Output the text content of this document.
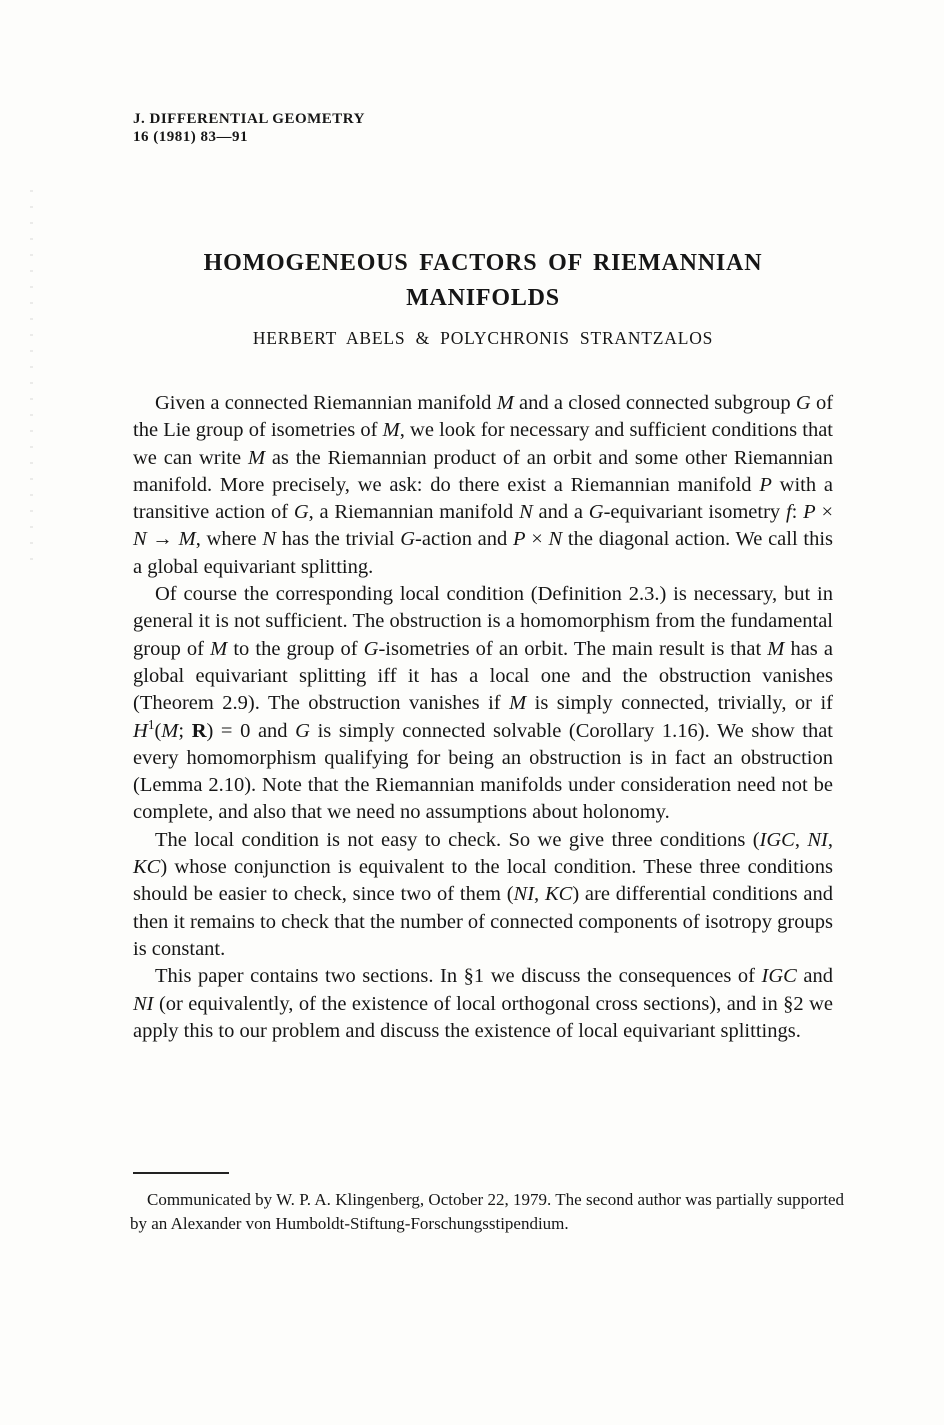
J. DIFFERENTIAL GEOMETRY
16 (1981) 83—91
HOMOGENEOUS FACTORS OF RIEMANNIAN
MANIFOLDS
HERBERT ABELS & POLYCHRONIS STRANTZALOS

Given a connected Riemannian manifold M and a closed connected subgroup G of the Lie group of isometries of M, we look for necessary and sufficient conditions that we can write M as the Riemannian product of an orbit and some other Riemannian manifold. More precisely, we ask: do there exist a Riemannian manifold P with a transitive action of G, a Riemannian manifold N and a G-equivariant isometry f: P × N → M, where N has the trivial G-action and P × N the diagonal action. We call this a global equivariant splitting.

Of course the corresponding local condition (Definition 2.3.) is necessary, but in general it is not sufficient. The obstruction is a homomorphism from the fundamental group of M to the group of G-isometries of an orbit. The main result is that M has a global equivariant splitting iff it has a local one and the obstruction vanishes (Theorem 2.9). The obstruction vanishes if M is simply connected, trivially, or if $H^1(M$; R) = 0 and G is simply connected solvable (Corollary 1.16). We show that every homomorphism qualifying for being an obstruction is in fact an obstruction (Lemma 2.10). Note that the Riemannian manifolds under consideration need not be complete, and also that we need no assumptions about holonomy.

The local condition is not easy to check. So we give three conditions (IGC, NI, KC) whose conjunction is equivalent to the local condition. These three conditions should be easier to check, since two of them (NI, KC) are differential conditions and then it remains to check that the number of connected components of isotropy groups is constant.

This paper contains two sections. In §1 we discuss the consequences of IGC and NI (or equivalently, of the existence of local orthogonal cross sections), and in §2 we apply this to our problem and discuss the existence of local equivariant splittings.

Communicated by W. P. A. Klingenberg, October 22, 1979. The second author was partially supported by an Alexander von Humboldt-Stiftung-Forschungsstipendium.
